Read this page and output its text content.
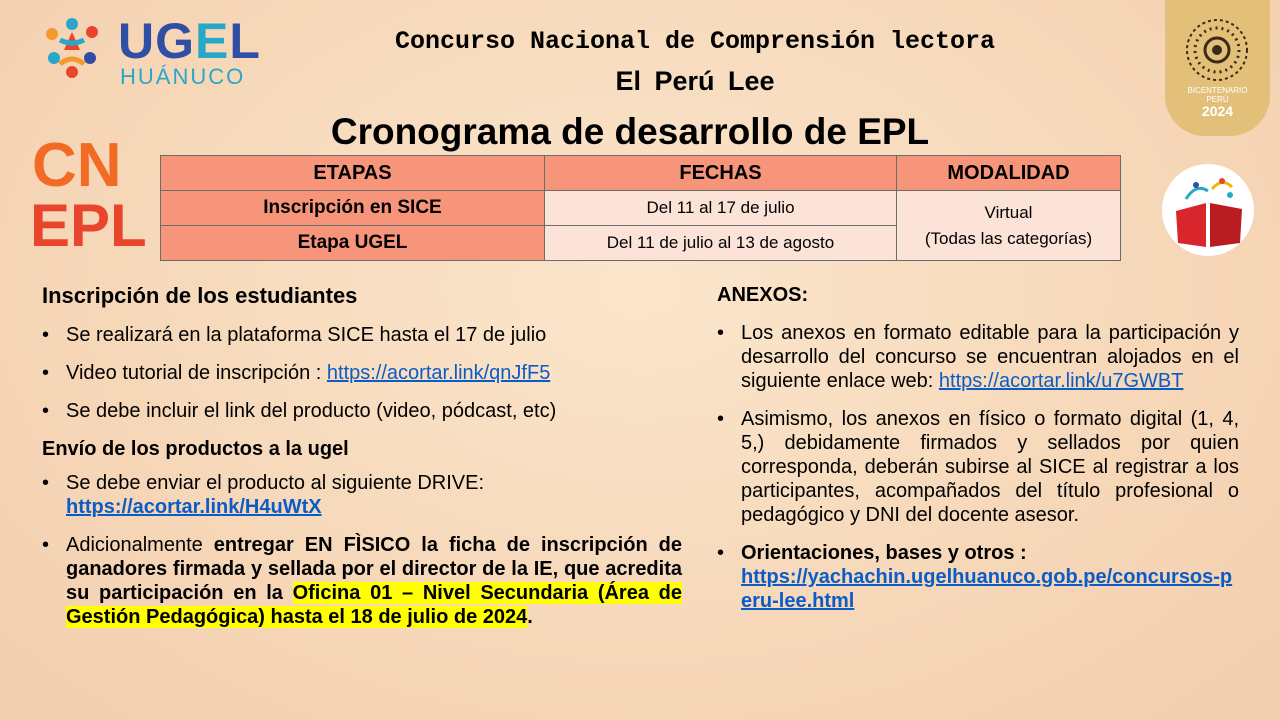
UGEL
HUÁNUCO
Concurso Nacional de Comprensión lectora
El Perú Lee
Cronograma de desarrollo de EPL
BICENTENARIO
PERÚ
2024
CN
EPL
ETAPAS	FECHAS	MODALIDAD
Inscripción en SICE	Del 11 al 17 de julio	Virtual
(Todas las categorías)
Etapa UGEL	Del 11 de julio al 13 de agosto	
Inscripción de los estudiantes
• Se realizará en la plataforma SICE hasta el 17 de julio
• Video tutorial de inscripción : https://acortar.link/qnJfF5
• Se debe incluir el link del producto (video, pódcast, etc)
Envío de los productos a la ugel
• Se debe enviar el producto al siguiente DRIVE:
https://acortar.link/H4uWtX
• Adicionalmente entregar EN FÌSICO la ficha de inscripción de ganadores firmada y sellada por el director de la IE, que acredita su participación en la Oficina 01 – Nivel Secundaria (Área de Gestión Pedagógica) hasta el 18 de julio de 2024.
ANEXOS:
• Los anexos en formato editable para la participación y desarrollo del concurso se encuentran alojados en el siguiente enlace web: https://acortar.link/u7GWBT
• Asimismo, los anexos en físico o formato digital (1, 4, 5,) debidamente firmados y sellados por quien corresponda, deberán subirse al SICE al registrar a los participantes, acompañados del título profesional o pedagógico y DNI del docente asesor.
• Orientaciones, bases y otros :
https://yachachin.ugelhuanuco.gob.pe/concursos-peru-lee.html
